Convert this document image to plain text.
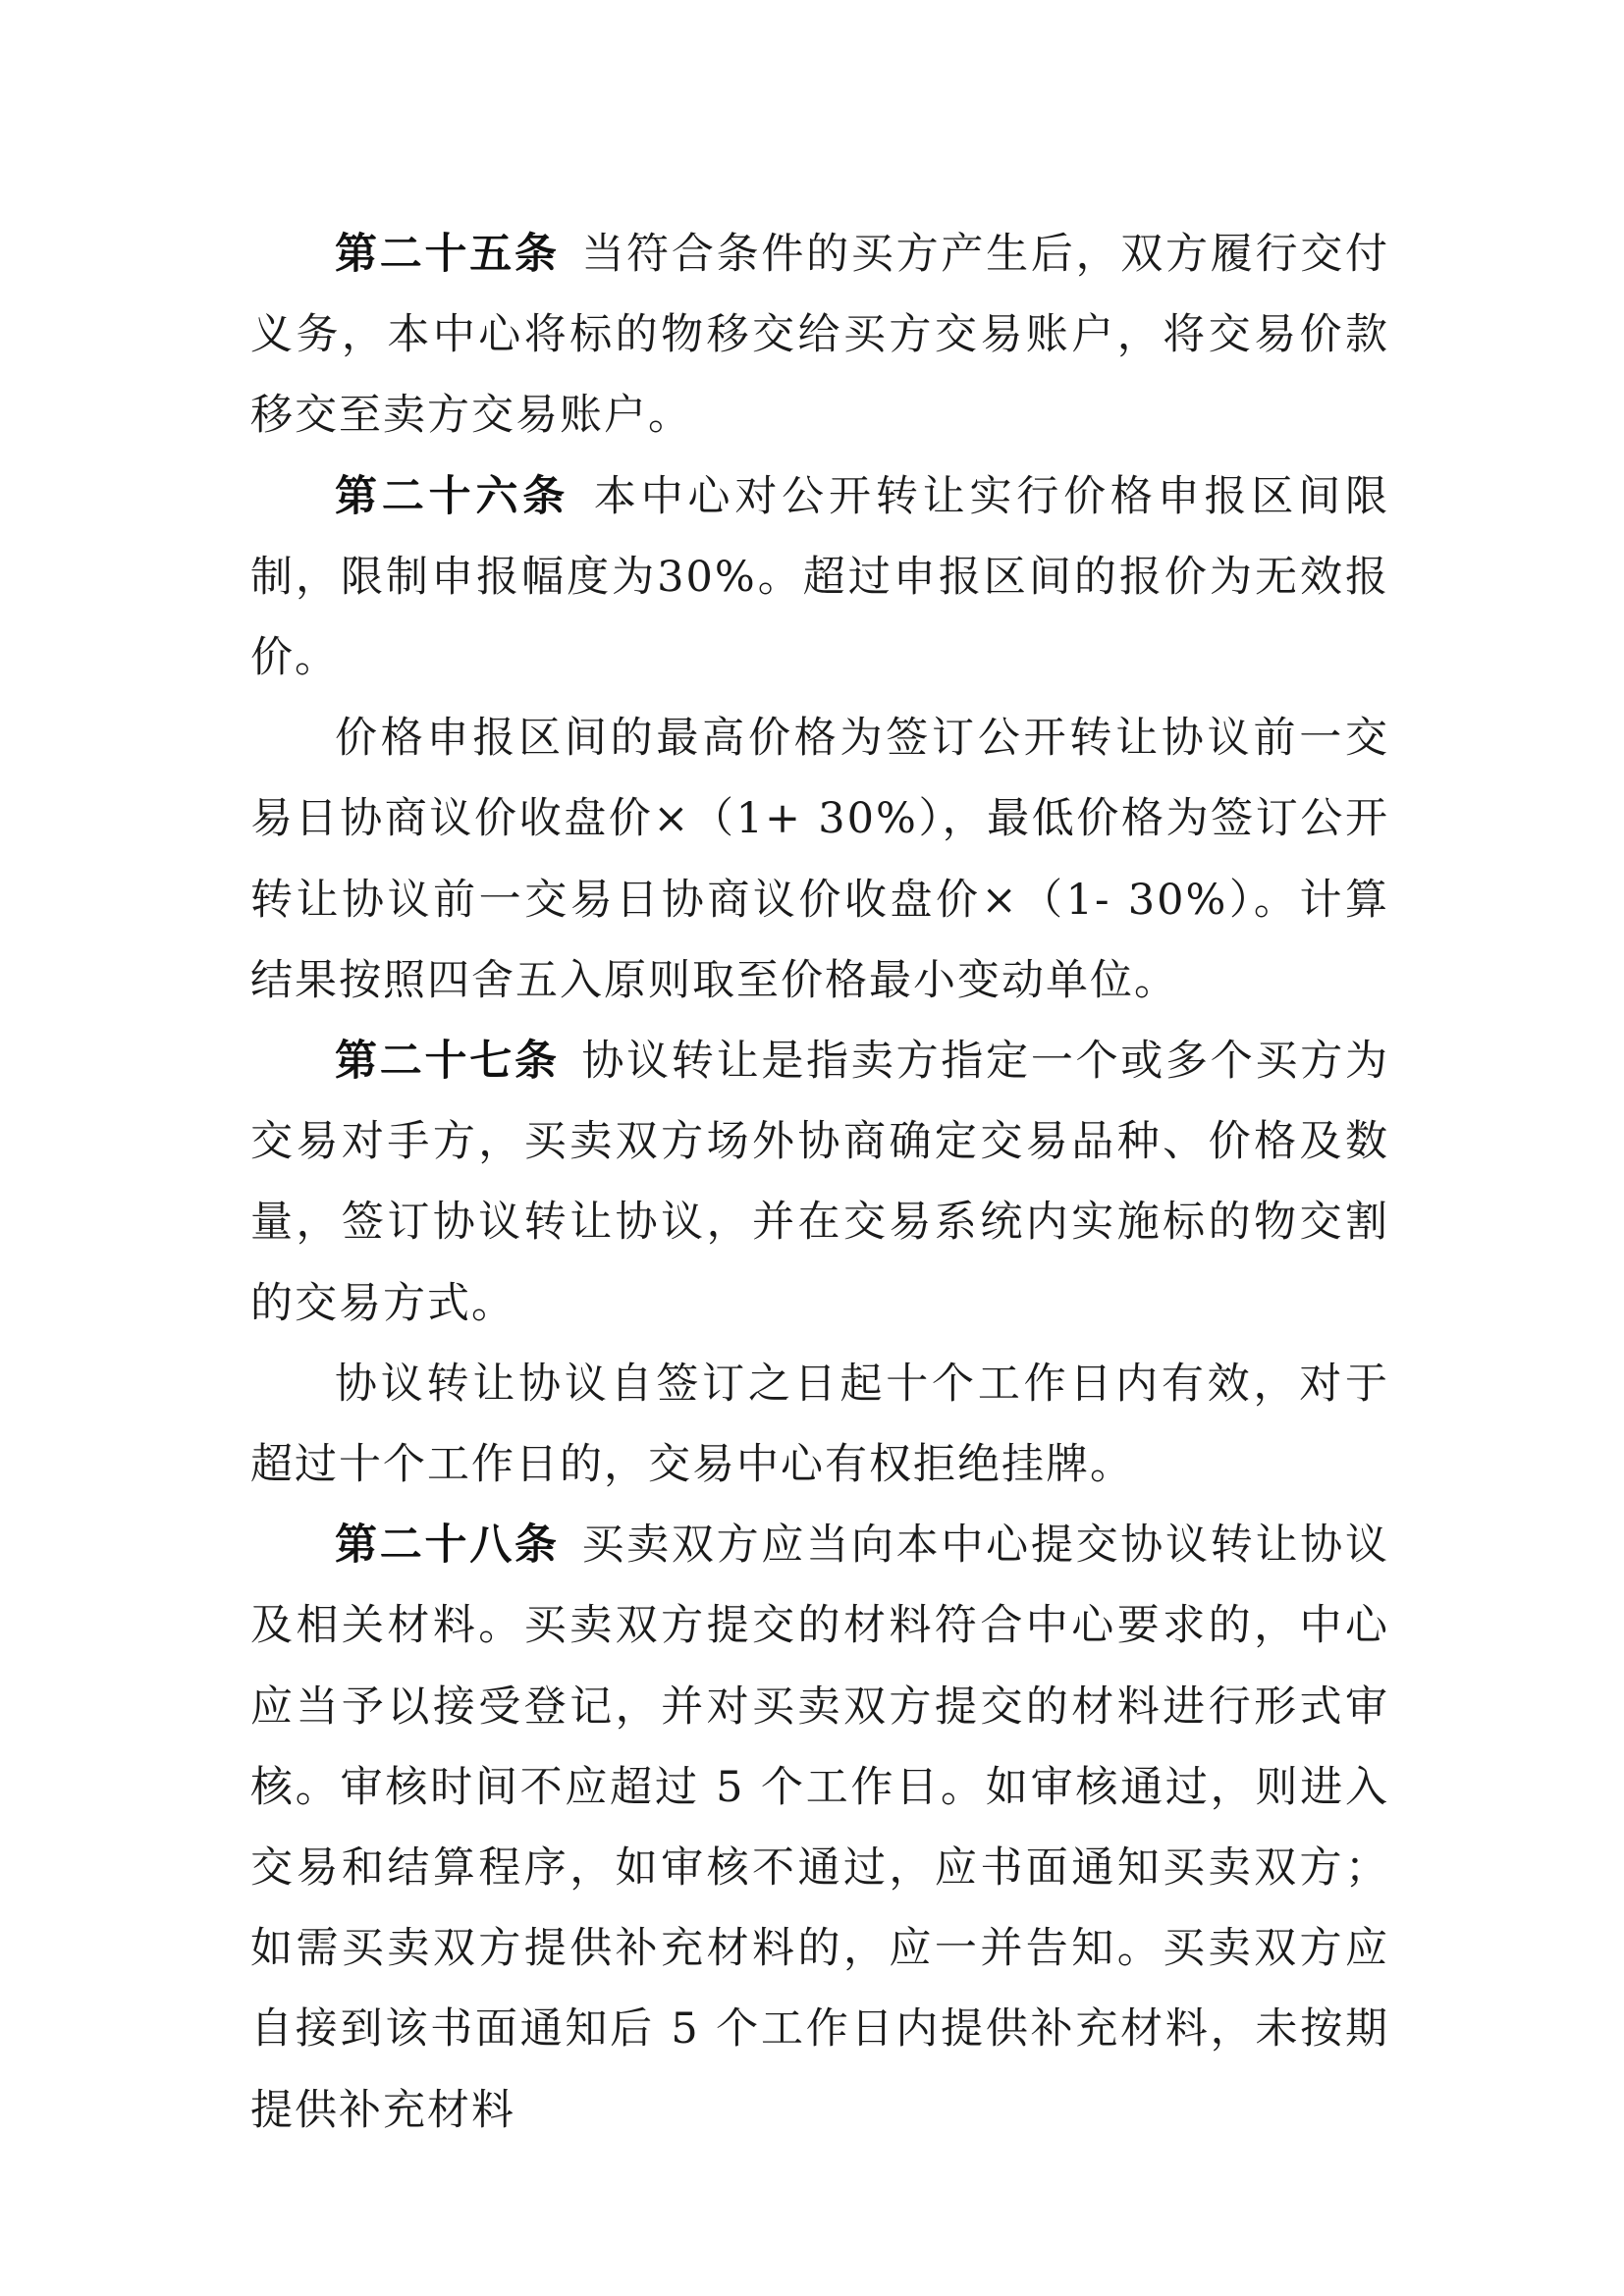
第二十五条 当符合条件的买方产生后，双方履行交付义务，本中心将标的物移交给买方交易账户，将交易价款移交至卖方交易账户。

第二十六条 本中心对公开转让实行价格申报区间限制，限制申报幅度为30%。超过申报区间的报价为无效报价。

价格申报区间的最高价格为签订公开转让协议前一交易日协商议价收盘价×（1+ 30%），最低价格为签订公开转让协议前一交易日协商议价收盘价×（1- 30%）。计算结果按照四舍五入原则取至价格最小变动单位。

第二十七条 协议转让是指卖方指定一个或多个买方为交易对手方，买卖双方场外协商确定交易品种、价格及数量，签订协议转让协议，并在交易系统内实施标的物交割的交易方式。

协议转让协议自签订之日起十个工作日内有效，对于超过十个工作日的，交易中心有权拒绝挂牌。

第二十八条 买卖双方应当向本中心提交协议转让协议及相关材料。买卖双方提交的材料符合中心要求的，中心应当予以接受登记，并对买卖双方提交的材料进行形式审核。审核时间不应超过 5 个工作日。如审核通过，则进入交易和结算程序，如审核不通过，应书面通知买卖双方；如需买卖双方提供补充材料的，应一并告知。买卖双方应自接到该书面通知后 5 个工作日内提供补充材料，未按期提供补充材料
